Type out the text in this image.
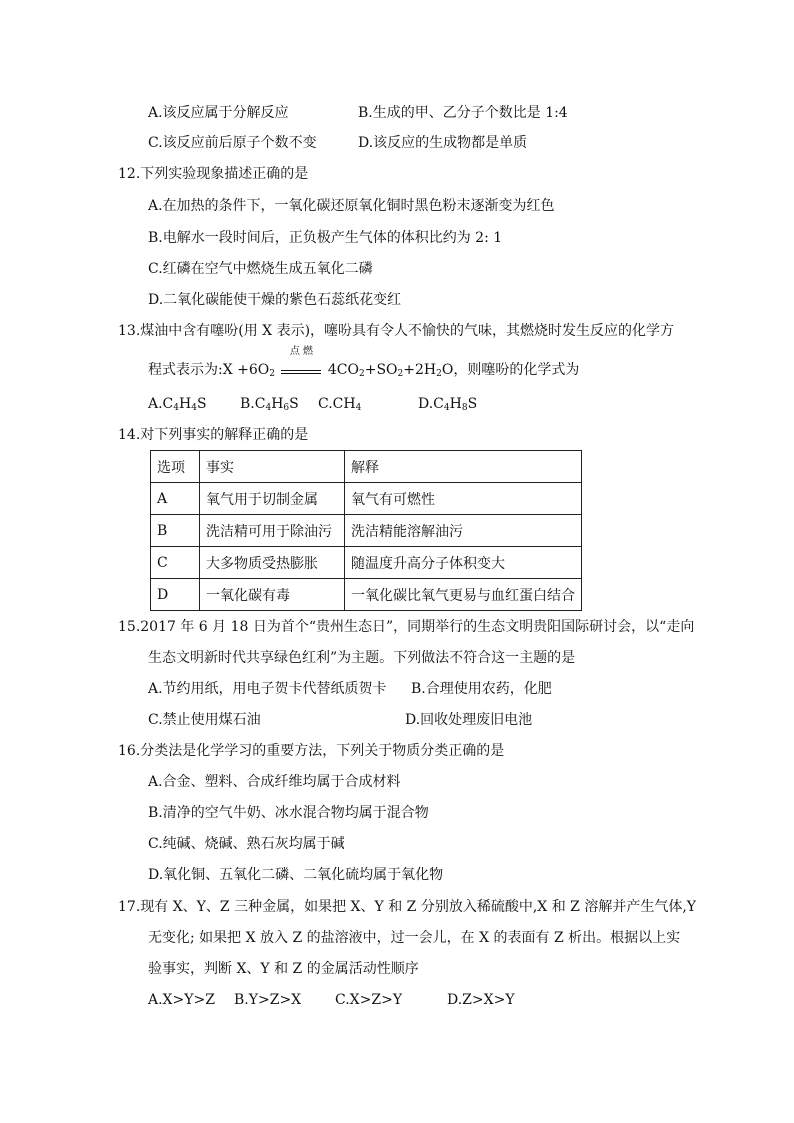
A.该反应属于分解反应	B.生成的甲、乙分子个数比是 1:4
C.该反应前后原子个数不变	D.该反应的生成物都是单质
12.下列实验现象描述正确的是
A.在加热的条件下，一氧化碳还原氧化铜时黑色粉末逐渐变为红色
B.电解水一段时间后，正负极产生气体的体积比约为 2: 1
C.红磷在空气中燃烧生成五氧化二磷
D.二氧化碳能使干燥的紫色石蕊纸花变红
13.煤油中含有噻吩(用 X 表示)，噻吩具有令人不愉快的气味，其燃烧时发生反应的化学方
程式表示为:X $+6O_2$
点 燃
$4CO_2+SO_2+2H_2O$，则噻吩的化学式为
$A.C_4H_4S$ $B.C_4H_6S$ $C.CH_4$	$D.C_4H_8S$
14.对下列事实的解释正确的是
选项	事实	解释
A	氧气用于切制金属	氧气有可燃性
B	洗洁精可用于除油污	洗洁精能溶解油污
C	大多物质受热膨胀	随温度升高分子体积变大
D	一氧化碳有毒	一氧化碳比氧气更易与血红蛋白结合
15.2017 年 6 月 18 日为首个“贵州生态日”，同期举行的生态文明贵阳国际研讨会，以“走向
生态文明新时代共享绿色红利”为主题。下列做法不符合这一主题的是
A.节约用纸，用电子贺卡代替纸质贺卡 B.合理使用农药，化肥
C.禁止使用煤石油	D.回收处理废旧电池
16.分类法是化学学习的重要方法，下列关于物质分类正确的是
A.合金、塑料、合成纤维均属于合成材料
B.清净的空气牛奶、冰水混合物均属于混合物
C.纯碱、烧碱、熟石灰均属于碱
D.氧化铜、五氧化二磷、二氧化硫均属于氧化物
17.现有 X、Y、Z 三种金属，如果把 X、Y 和 Z 分别放入稀硫酸中,X 和 Z 溶解并产生气体,Y
无变化; 如果把 X 放入 Z 的盐溶液中，过一会儿，在 X 的表面有 Z 析出。根据以上实
验事实，判断 X、Y 和 Z 的金属活动性顺序
A.X>Y>Z B.Y>Z>X C.X>Z>Y	D.Z>X>Y
